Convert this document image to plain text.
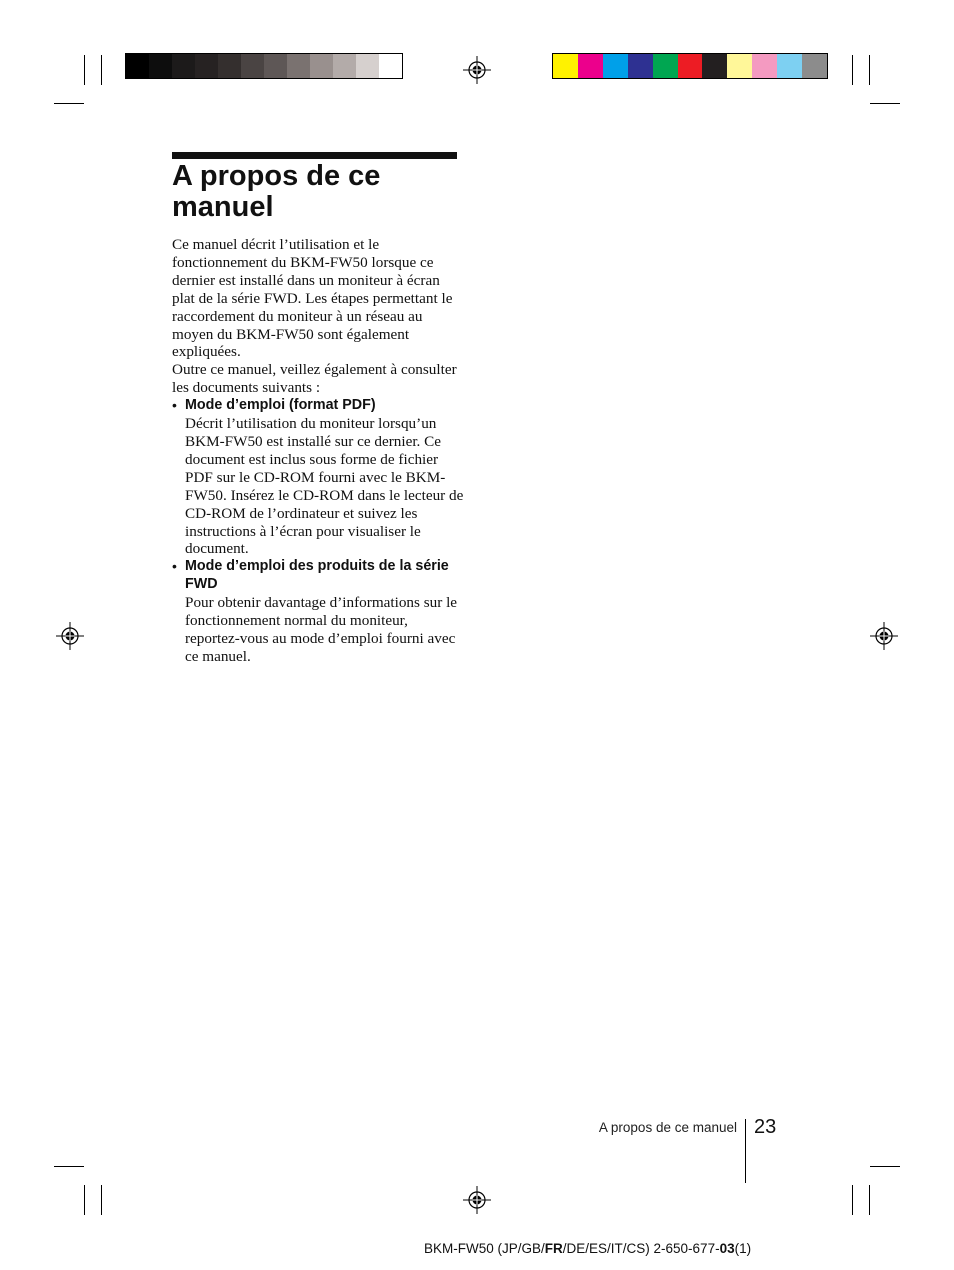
A propos de ce manuel

Ce manuel décrit l’utilisation et le fonctionnement du BKM-FW50 lorsque ce dernier est installé dans un moniteur à écran plat de la série FWD. Les étapes permettant le raccordement du moniteur à un réseau au moyen du BKM-FW50 sont également expliquées.

Outre ce manuel, veillez également à consulter les documents suivants :

• Mode d’emploi (format PDF)
Décrit l’utilisation du moniteur lorsqu’un BKM-FW50 est installé sur ce dernier. Ce document est inclus sous forme de fichier PDF sur le CD-ROM fourni avec le BKM-FW50. Insérez le CD-ROM dans le lecteur de CD-ROM de l’ordinateur et suivez les instructions à l’écran pour visualiser le document.
• Mode d’emploi des produits de la série FWD
Pour obtenir davantage d’informations sur le fonctionnement normal du moniteur, reportez-vous au mode d’emploi fourni avec ce manuel.
A propos de ce manuel 23
BKM-FW50 (JP/GB/FR/DE/ES/IT/CS) 2-650-677-03(1)
